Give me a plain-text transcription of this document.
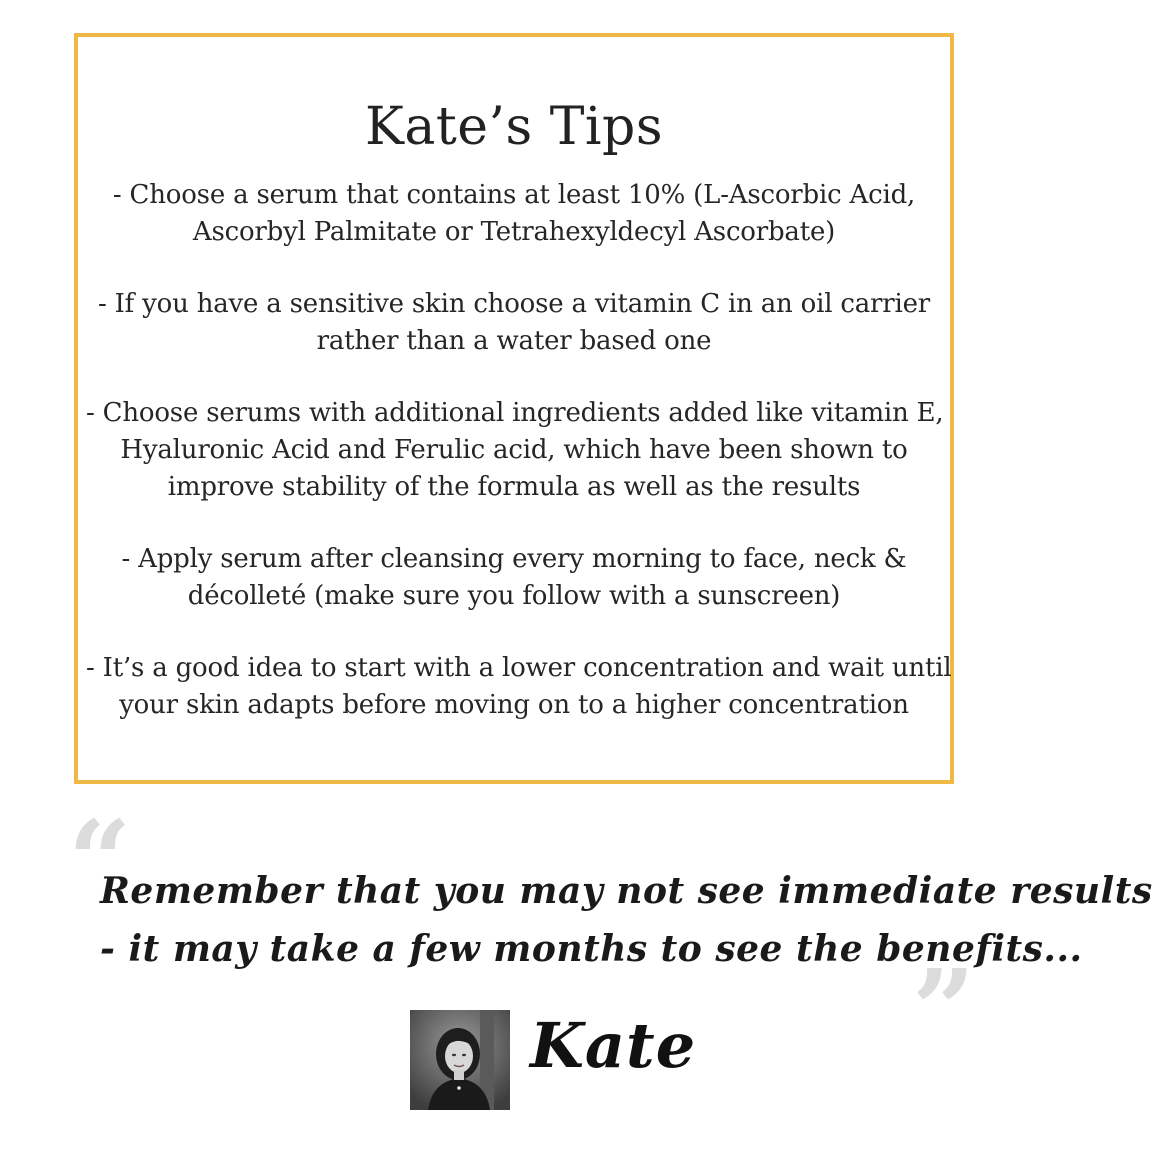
Kate’s Tips
- Choose a serum that contains at least 10% (L-Ascorbic Acid,
Ascorbyl Palmitate or Tetrahexyldecyl Ascorbate)
- If you have a sensitive skin choose a vitamin C in an oil carrier
rather than a water based one
- Choose serums with additional ingredients added like vitamin E,
Hyaluronic Acid and Ferulic acid, which have been shown to
improve stability of the formula as well as the results
- Apply serum after cleansing every morning to face, neck &
décolleté (make sure you follow with a sunscreen)
- It’s a good idea to start with a lower concentration and wait until
your skin adapts before moving on to a higher concentration
“
Remember that you may not see immediate results
- it may take a few months to see the benefits...
”
Kate
